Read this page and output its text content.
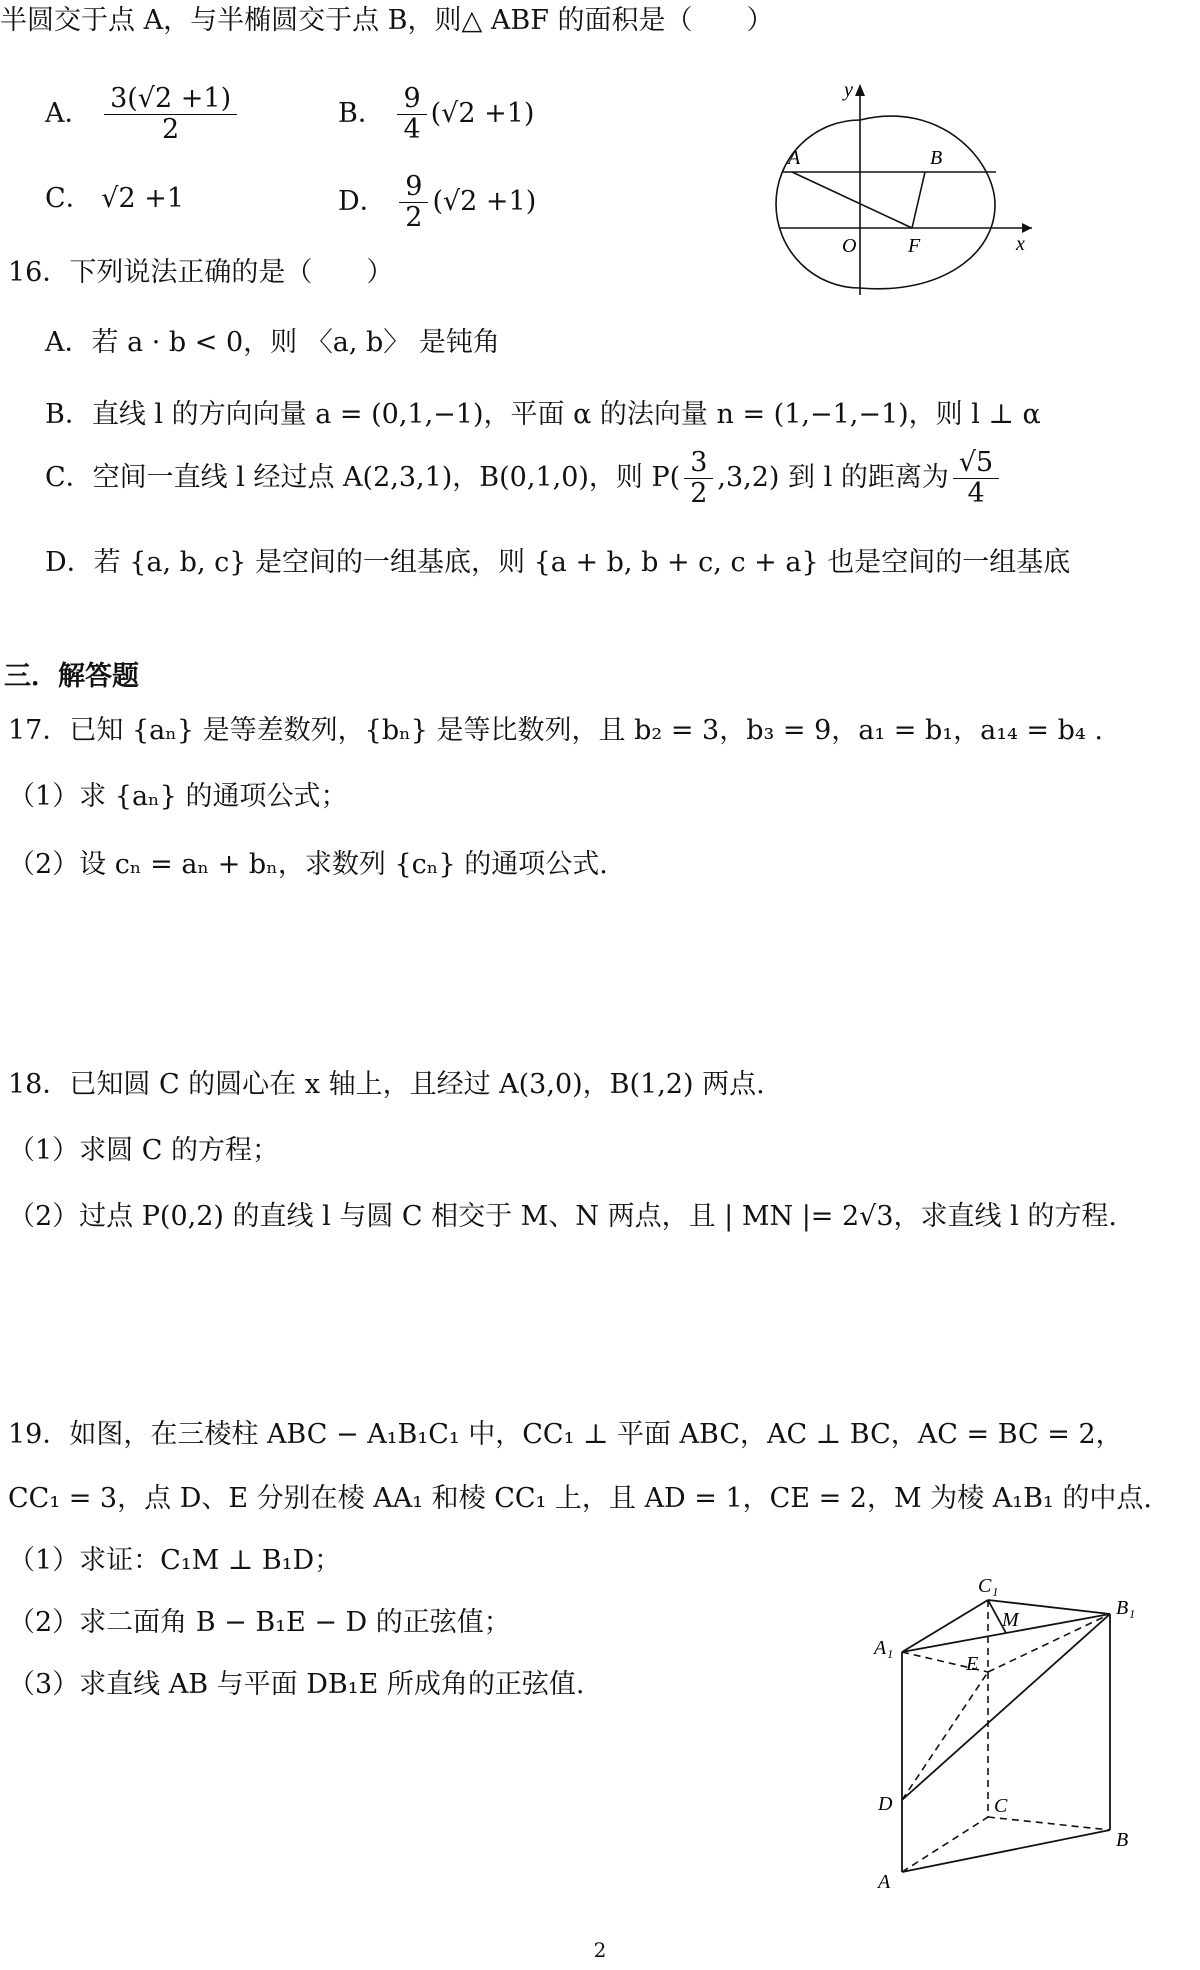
半圆交于点 A，与半椭圆交于点 B，则△ ABF 的面积是（　　）
A． $\frac{3(√2 +1)}{2}$	B． $\frac{9}{4} (√2 +1)$
C． √2 +1	D． $\frac{9}{2} (√2 +1)$
y
x
A	B
O	F
16．下列说法正确的是（　　）
A．若 a · b < 0，则 〈a, b〉 是钝角
B．直线 l 的方向向量 a = (0,1,−1)，平面 α 的法向量 n = (1,−1,−1)，则 l ⊥ α
C．空间一直线 l 经过点 A(2,3,1)，B(0,1,0)，则 $P( \frac{3}{2} ,3,2)$ 到 l 的距离为 $\frac{√5}{4}$
D．若 {a, b, c} 是空间的一组基底，则 {a + b, b + c, c + a} 也是空间的一组基底
三．解答题
17．已知 {aₙ} 是等差数列，{bₙ} 是等比数列，且 b₂ = 3，b₃ = 9，a₁ = b₁，a₁₄ = b₄ .
（1）求 {aₙ} 的通项公式；
（2）设 cₙ = aₙ + bₙ，求数列 {cₙ} 的通项公式.
18．已知圆 C 的圆心在 x 轴上，且经过 A(3,0)，B(1,2) 两点.
（1）求圆 C 的方程；
（2）过点 P(0,2) 的直线 l 与圆 C 相交于 M、N 两点，且 | MN |= 2√3，求直线 l 的方程.
19．如图，在三棱柱 ABC − A₁B₁C₁ 中，CC₁ ⊥ 平面 ABC，AC ⊥ BC，AC = BC = 2，
CC₁ = 3，点 D、E 分别在棱 AA₁ 和棱 CC₁ 上，且 AD = 1，CE = 2，M 为棱 A₁B₁ 的中点.
（1）求证：C₁M ⊥ B₁D；
（2）求二面角 B − B₁E − D 的正弦值；
（3）求直线 AB 与平面 DB₁E 所成角的正弦值.
C₁
M
B₁
A₁
E
D	C
B
A
2
